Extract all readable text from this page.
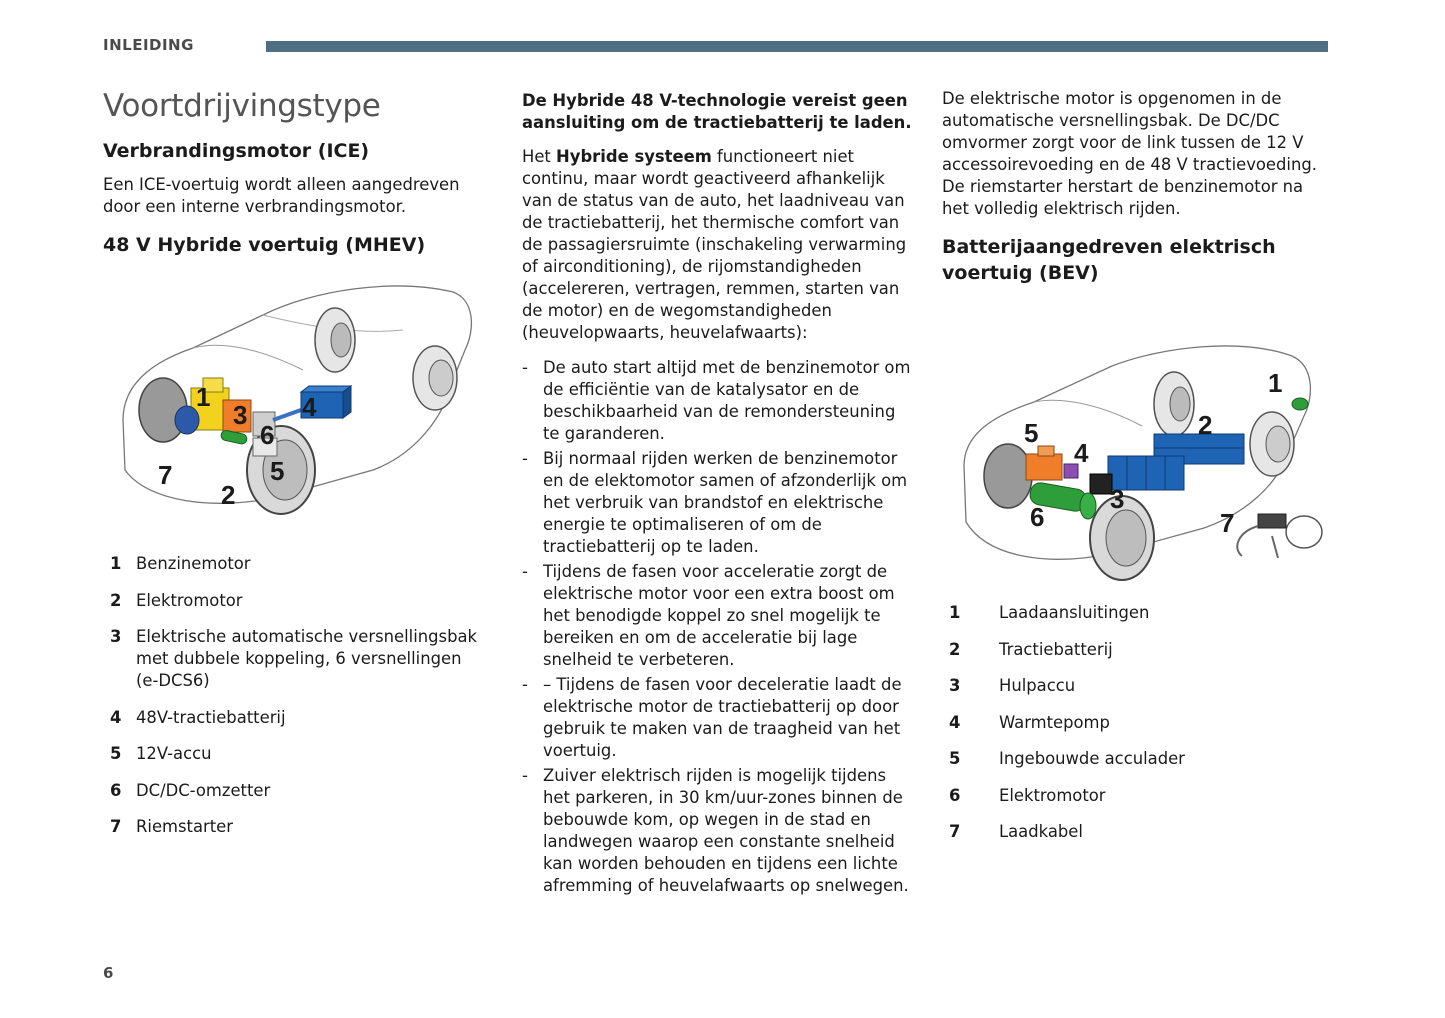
INLEIDING
Voortdrijvingstype
Verbrandingsmotor (ICE)

Een ICE-voertuig wordt alleen aangedreven door een interne verbrandingsmotor.

48 V Hybride voertuig (MHEV)
1
2
3 4
5
6
7
1 Benzinemotor
2 Elektromotor
3 Elektrische automatische versnellingsbak met dubbele koppeling, 6 versnellingen (e-DCS6)
4 48V-tractiebatterij
5 12V-accu
6 DC/DC-omzetter
7 Riemstarter

De Hybride 48 V-technologie vereist geen aansluiting om de tractiebatterij te laden.

Het Hybride systeem functioneert niet continu, maar wordt geactiveerd afhankelijk van de status van de auto, het laadniveau van de tractiebatterij, het thermische comfort van de passagiersruimte (inschakeling verwarming of airconditioning), de rijomstandigheden (accelereren, vertragen, remmen, starten van de motor) en de wegomstandigheden (heuvelopwaarts, heuvelafwaarts):

- De auto start altijd met de benzinemotor om de efficiëntie van de katalysator en de beschikbaarheid van de remondersteuning te garanderen.
- Bij normaal rijden werken de benzinemotor en de elektomotor samen of afzonderlijk om het verbruik van brandstof en elektrische energie te optimaliseren of om de tractiebatterij op te laden.
- Tijdens de fasen voor acceleratie zorgt de elektrische motor voor een extra boost om het benodigde koppel zo snel mogelijk te bereiken en om de acceleratie bij lage snelheid te verbeteren.
- – Tijdens de fasen voor deceleratie laadt de elektrische motor de tractiebatterij op door gebruik te maken van de traagheid van het voertuig.
- Zuiver elektrisch rijden is mogelijk tijdens het parkeren, in 30 km/uur-zones binnen de bebouwde kom, op wegen in de stad en landwegen waarop een constante snelheid kan worden behouden en tijdens een lichte afremming of heuvelafwaarts op snelwegen.

De elektrische motor is opgenomen in de automatische versnellingsbak. De DC/DC omvormer zorgt voor de link tussen de 12 V accessoirevoeding en de 48 V tractievoeding. De riemstarter herstart de benzinemotor na het volledig elektrisch rijden.

Batterijaangedreven elektrisch voertuig (BEV)
1
2
3
4
5
6	7
1	Laadaansluitingen
2	Tractiebatterij
3	Hulpaccu
4	Warmtepomp
5	Ingebouwde acculader
6	Elektromotor
7	Laadkabel
6
